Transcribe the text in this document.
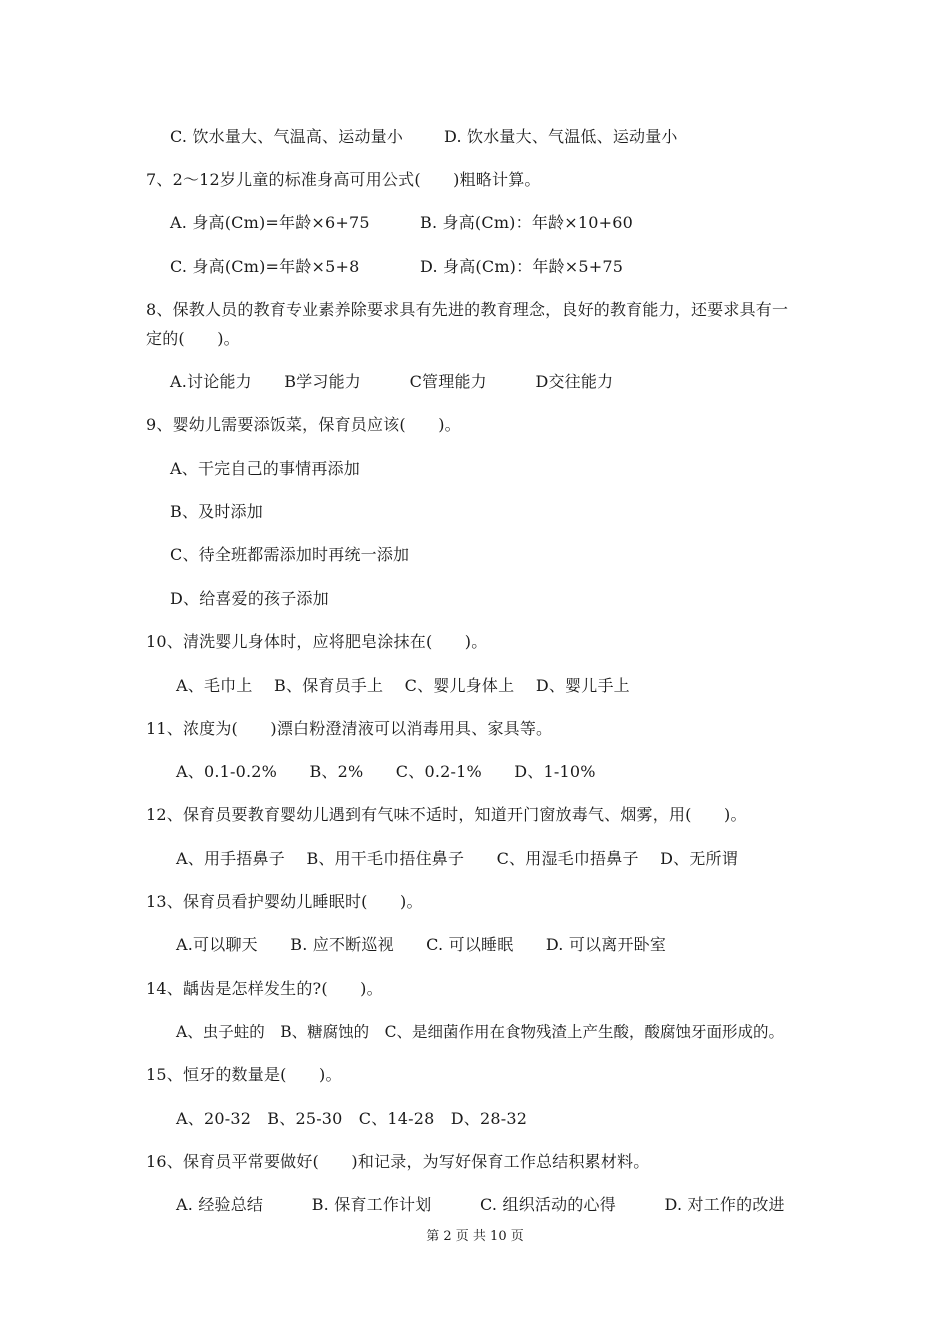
C. 饮水量大、气温高、运动量小	D. 饮水量大、气温低、运动量小
7、2～12岁儿童的标准身高可用公式(　　)粗略计算。
A. 身高(Cm)=年龄×6+75	B. 身高(Cm)：年龄×10+60
C. 身高(Cm)=年龄×5+8	D. 身高(Cm)：年龄×5+75
8、保教人员的教育专业素养除要求具有先进的教育理念，良好的教育能力，还要求具有一
定的(　　)。
A.讨论能力　　B学习能力　　　C管理能力　　　D交往能力
9、婴幼儿需要添饭菜，保育员应该(　　)。
A、干完自己的事情再添加
B、及时添加
C、待全班都需添加时再统一添加
D、给喜爱的孩子添加
10、清洗婴儿身体时，应将肥皂涂抹在(　　)。
A、毛巾上　 B、保育员手上　 C、婴儿身体上　 D、婴儿手上
11、浓度为(　　)漂白粉澄清液可以消毒用具、家具等。
A、0.1-0.2%　　B、2%　　C、0.2-1%　　D、1-10%
12、保育员要教育婴幼儿遇到有气味不适时，知道开门窗放毒气、烟雾，用(　　)。
A、用手捂鼻子　 B、用干毛巾捂住鼻子　　C、用湿毛巾捂鼻子　 D、无所谓
13、保育员看护婴幼儿睡眠时(　　)。
A.可以聊天　　B. 应不断巡视　　C. 可以睡眠　　D. 可以离开卧室
14、龋齿是怎样发生的?(　　)。
A、虫子蛀的　B、糖腐蚀的　C、是细菌作用在食物残渣上产生酸，酸腐蚀牙面形成的。
15、恒牙的数量是(　　)。
A、20-32　B、25-30　C、14-28　D、28-32
16、保育员平常要做好(　　)和记录，为写好保育工作总结积累材料。
A. 经验总结　　　B. 保育工作计划　　　C. 组织活动的心得　　　D. 对工作的改进
第 2 页 共 10 页
